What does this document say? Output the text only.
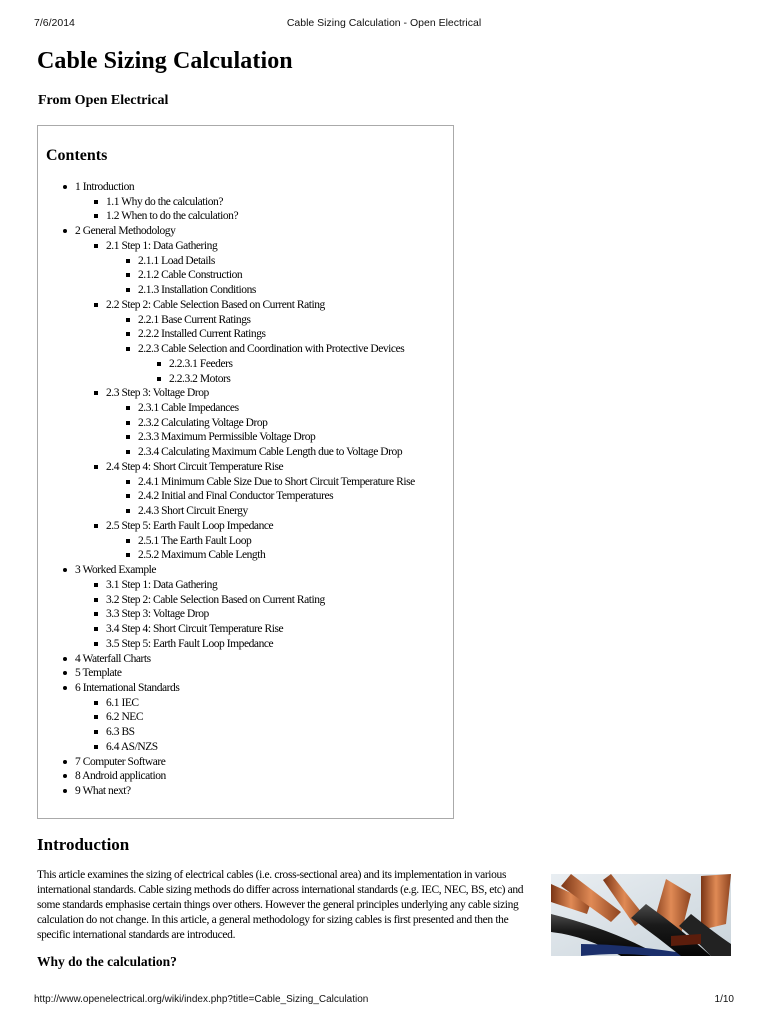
7/6/2014	Cable Sizing Calculation - Open Electrical
Cable Sizing Calculation

From Open Electrical

Contents
1 Introduction
1.1 Why do the calculation?
1.2 When to do the calculation?
2 General Methodology
2.1 Step 1: Data Gathering
2.1.1 Load Details
2.1.2 Cable Construction
2.1.3 Installation Conditions
2.2 Step 2: Cable Selection Based on Current Rating
2.2.1 Base Current Ratings
2.2.2 Installed Current Ratings
2.2.3 Cable Selection and Coordination with Protective Devices
2.2.3.1 Feeders
2.2.3.2 Motors
2.3 Step 3: Voltage Drop
2.3.1 Cable Impedances
2.3.2 Calculating Voltage Drop
2.3.3 Maximum Permissible Voltage Drop
2.3.4 Calculating Maximum Cable Length due to Voltage Drop
2.4 Step 4: Short Circuit Temperature Rise
2.4.1 Minimum Cable Size Due to Short Circuit Temperature Rise
2.4.2 Initial and Final Conductor Temperatures
2.4.3 Short Circuit Energy
2.5 Step 5: Earth Fault Loop Impedance
2.5.1 The Earth Fault Loop
2.5.2 Maximum Cable Length
3 Worked Example
3.1 Step 1: Data Gathering
3.2 Step 2: Cable Selection Based on Current Rating
3.3 Step 3: Voltage Drop
3.4 Step 4: Short Circuit Temperature Rise
3.5 Step 5: Earth Fault Loop Impedance
4 Waterfall Charts
5 Template
6 International Standards
6.1 IEC
6.2 NEC
6.3 BS
6.4 AS/NZS
7 Computer Software
8 Android application
9 What next?
Introduction

This article examines the sizing of electrical cables (i.e. cross-sectional area) and its implementation in various international standards. Cable sizing methods do differ across international standards (e.g. IEC, NEC, BS, etc) and some standards emphasise certain things over others. However the general principles underlying any cable sizing calculation do not change. In this article, a general methodology for sizing cables is first presented and then the specific international standards are introduced.

Why do the calculation?
http://www.openelectrical.org/wiki/index.php?title=Cable_Sizing_Calculation	1/10
